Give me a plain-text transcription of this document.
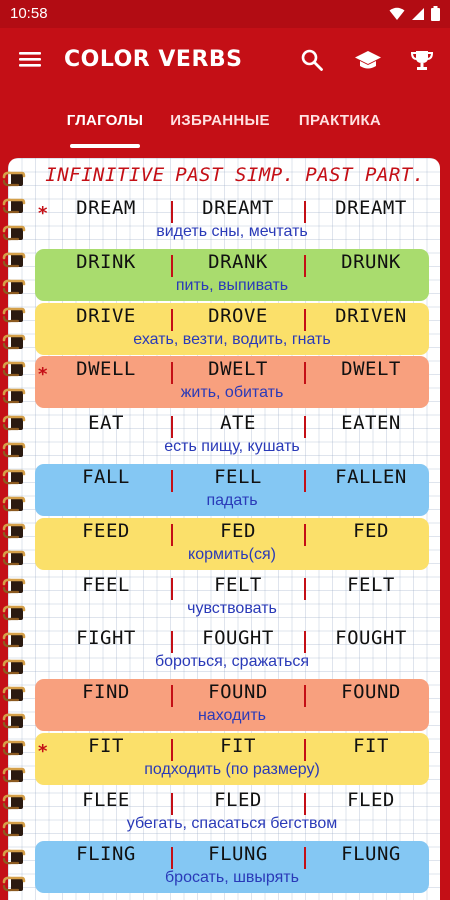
10:58
COLOR VERBS
ГЛАГОЛЫ	ИЗБРАННЫЕ	ПРАКТИКА
INFINITIVE PAST SIMP. PAST PART.
*	DREAM	DREAMT	DREAMT
видеть сны, мечтать
DRINK	DRANK	DRUNK
пить, выпивать
DRIVE	DROVE	DRIVEN
ехать, везти, водить, гнать
*	DWELL	DWELT	DWELT
жить, обитать
EAT	ATE	EATEN
есть пищу, кушать
FALL	FELL	FALLEN
падать
FEED	FED	FED
кормить(ся)
FEEL	FELT	FELT
чувствовать
FIGHT	FOUGHT	FOUGHT
бороться, сражаться
FIND	FOUND	FOUND
находить
*	FIT	FIT	FIT
подходить (по размеру)
FLEE	FLED	FLED
убегать, спасаться бегством
FLING	FLUNG	FLUNG
бросать, швырять
